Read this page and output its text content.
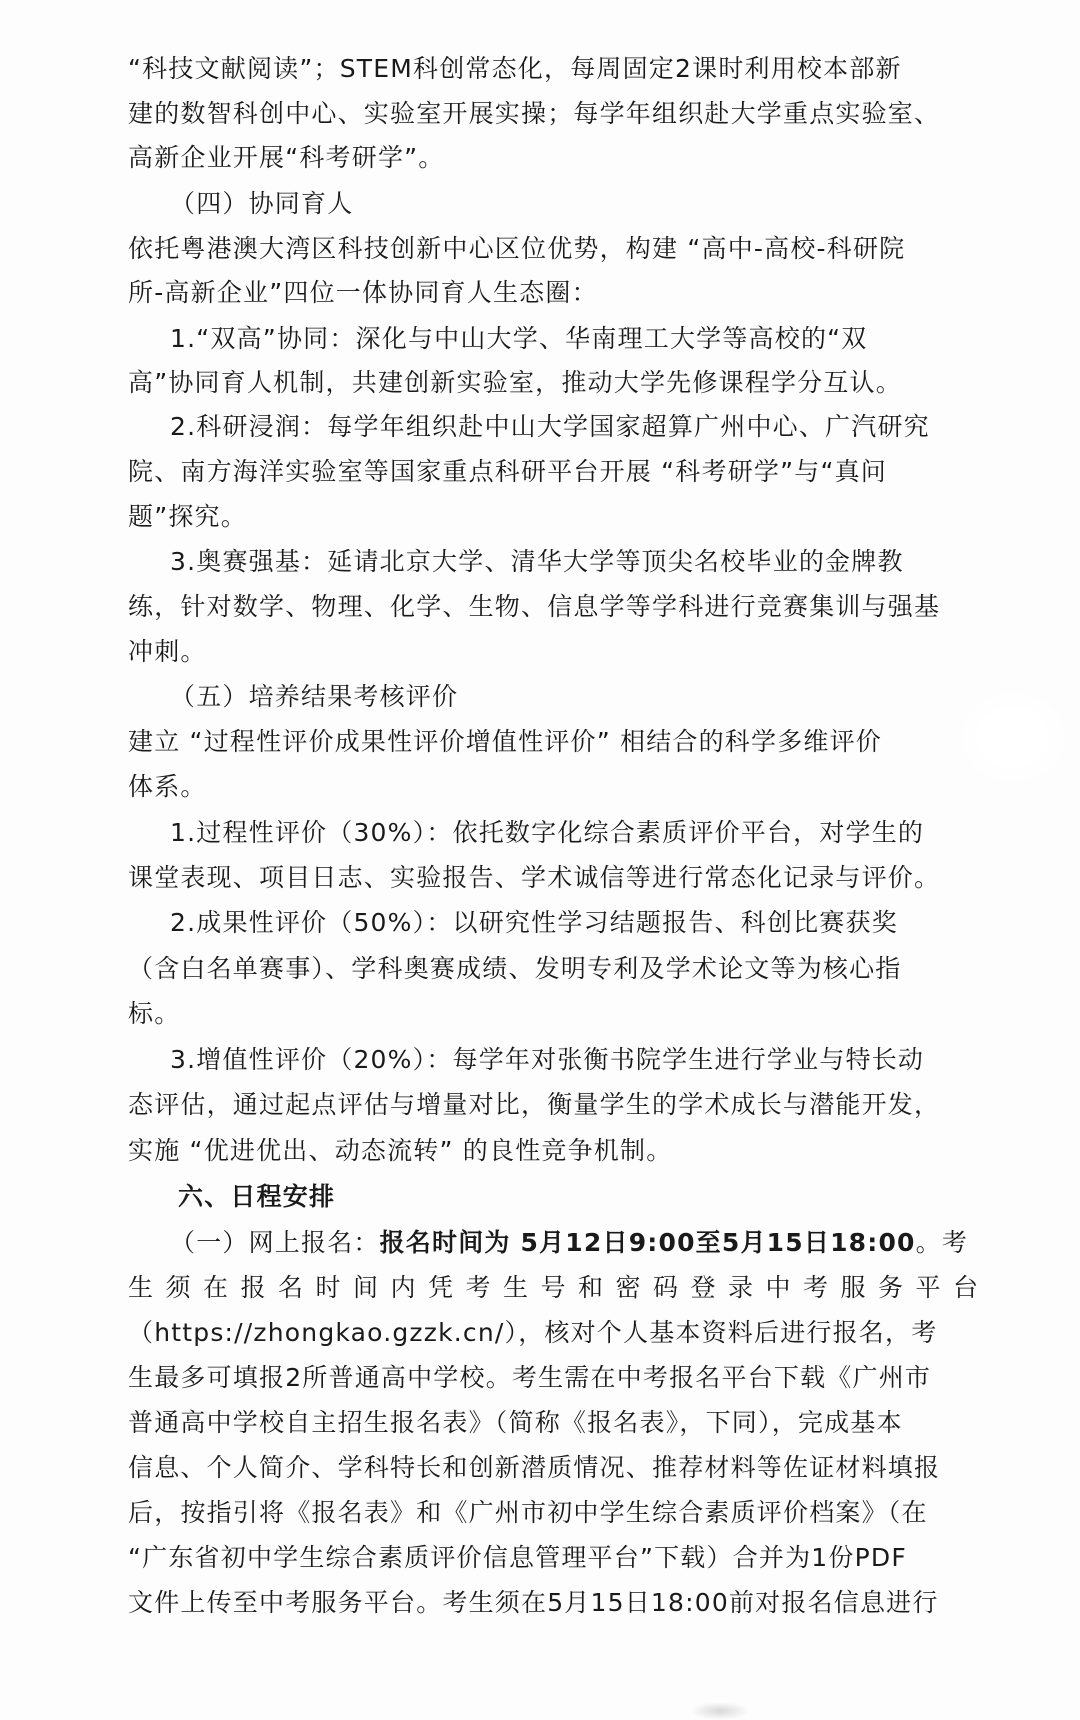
“科技文献阅读”；STEM科创常态化，每周固定2课时利用校本部新
建的数智科创中心、实验室开展实操；每学年组织赴大学重点实验室、
高新企业开展“科考研学”。
（四）协同育人
依托粤港澳大湾区科技创新中心区位优势，构建 “高中-高校-科研院
所-高新企业”四位一体协同育人生态圈：
1.“双高”协同：深化与中山大学、华南理工大学等高校的“双
高”协同育人机制，共建创新实验室，推动大学先修课程学分互认。
2.科研浸润：每学年组织赴中山大学国家超算广州中心、广汽研究
院、南方海洋实验室等国家重点科研平台开展 “科考研学”与“真问
题”探究。
3.奥赛强基：延请北京大学、清华大学等顶尖名校毕业的金牌教
练，针对数学、物理、化学、生物、信息学等学科进行竞赛集训与强基
冲刺。
（五）培养结果考核评价
建立 “过程性评价成果性评价增值性评价” 相结合的科学多维评价
体系。
1.过程性评价（30%）：依托数字化综合素质评价平台，对学生的
课堂表现、项目日志、实验报告、学术诚信等进行常态化记录与评价。
2.成果性评价（50%）：以研究性学习结题报告、科创比赛获奖
（含白名单赛事）、学科奥赛成绩、发明专利及学术论文等为核心指
标。
3.增值性评价（20%）：每学年对张衡书院学生进行学业与特长动
态评估，通过起点评估与增量对比，衡量学生的学术成长与潜能开发，
实施 “优进优出、动态流转” 的良性竞争机制。
六、日程安排
（一）网上报名：报名时间为 5月12日9:00至5月15日18:00。考
生须在报名时间内凭考生号和密码登录中考服务平台
（https://zhongkao.gzzk.cn/），核对个人基本资料后进行报名，考
生最多可填报2所普通高中学校。考生需在中考报名平台下载《广州市
普通高中学校自主招生报名表》（简称《报名表》，下同），完成基本
信息、个人简介、学科特长和创新潜质情况、推荐材料等佐证材料填报
后，按指引将《报名表》和《广州市初中学生综合素质评价档案》（在
“广东省初中学生综合素质评价信息管理平台”下载）合并为1份PDF
文件上传至中考服务平台。考生须在5月15日18:00前对报名信息进行
